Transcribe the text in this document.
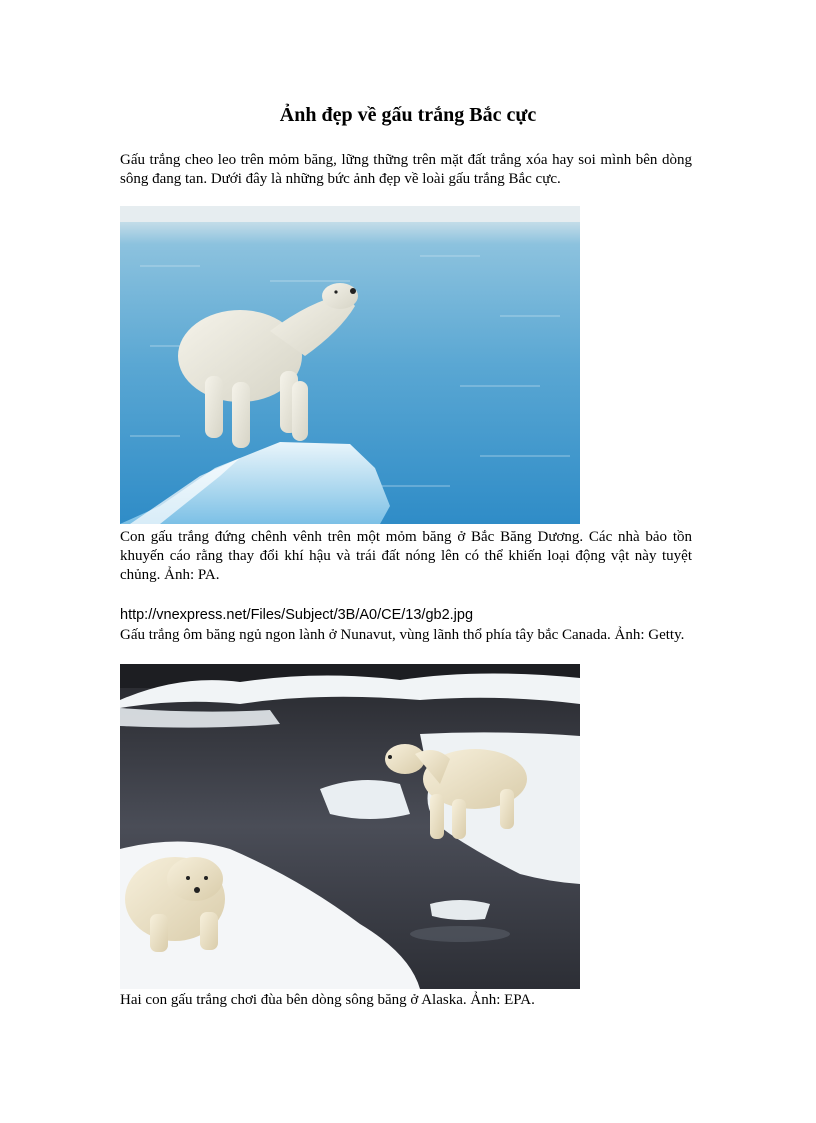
Ảnh đẹp về gấu trắng Bắc cực

Gấu trắng cheo leo trên mỏm băng, lững thững trên mặt đất trắng xóa hay soi mình bên dòng sông đang tan. Dưới đây là những bức ảnh đẹp về loài gấu trắng Bắc cực.

Con gấu trắng đứng chênh vênh trên một mỏm băng ở Bắc Băng Dương. Các nhà bảo tồn khuyến cáo rằng thay đổi khí hậu và trái đất nóng lên có thể khiến loại động vật này tuyệt chủng. Ảnh: PA.

http://vnexpress.net/Files/Subject/3B/A0/CE/13/gb2.jpg

Gấu trắng ôm băng ngủ ngon lành ở Nunavut, vùng lãnh thổ phía tây bắc Canada. Ảnh: Getty.

Hai con gấu trắng chơi đùa bên dòng sông băng ở Alaska. Ảnh: EPA.
